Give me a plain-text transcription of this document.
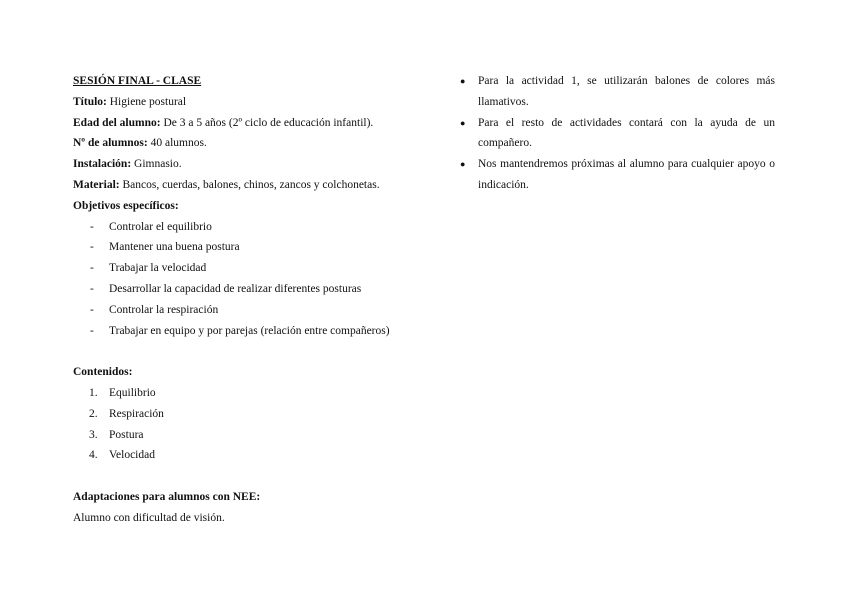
SESIÓN FINAL - CLASE
Título: Higiene postural
Edad del alumno: De 3 a 5 años (2º ciclo de educación infantil).
Nº de alumnos: 40 alumnos.
Instalación: Gimnasio.
Material: Bancos, cuerdas, balones, chinos, zancos y colchonetas.
Objetivos específicos:
- Controlar el equilibrio
- Mantener una buena postura
- Trabajar la velocidad
- Desarrollar la capacidad de realizar diferentes posturas
- Controlar la respiración
- Trabajar en equipo y por parejas (relación entre compañeros)
Contenidos:
1. Equilibrio
2. Respiración
3. Postura
4. Velocidad
Adaptaciones para alumnos con NEE:
Alumno con dificultad de visión.
● Para la actividad 1, se utilizarán balones de colores más llamativos.
● Para el resto de actividades contará con la ayuda de un compañero.
● Nos mantendremos próximas al alumno para cualquier apoyo o indicación.
